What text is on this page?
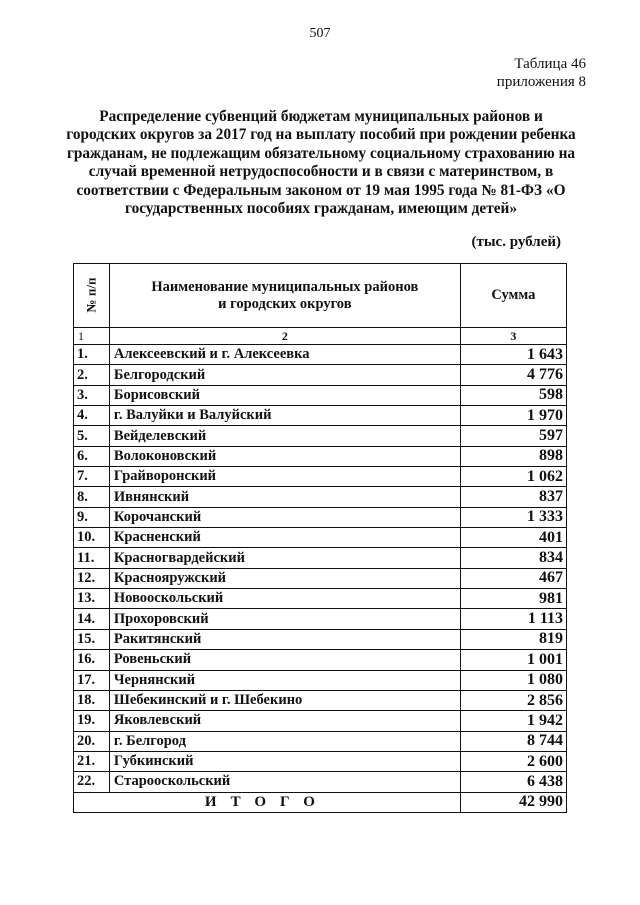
507
Таблица 46
приложения 8
Распределение субвенций бюджетам муниципальных районов и городских округов за 2017 год на выплату пособий при рождении ребенка гражданам, не подлежащим обязательному социальному страхованию на случай временной нетрудоспособности и в связи с материнством, в соответствии с Федеральным законом от 19 мая 1995 года № 81-ФЗ «О государственных пособиях гражданам, имеющим детей»
(тыс. рублей)
№ п/п	Наименование муниципальных районов и городских округов	Сумма
1	2	3
1.	Алексеевский и г. Алексеевка	1 643
2.	Белгородский	4 776
3.	Борисовский	598
4.	г. Валуйки и Валуйский	1 970
5.	Вейделевский	597
6.	Волоконовский	898
7.	Грайворонский	1 062
8.	Ивнянский	837
9.	Корочанский	1 333
10.	Красненский	401
11.	Красногвардейский	834
12.	Краснояружский	467
13.	Новооскольский	981
14.	Прохоровский	1 113
15.	Ракитянский	819
16.	Ровеньский	1 001
17.	Чернянский	1 080
18.	Шебекинский и г. Шебекино	2 856
19.	Яковлевский	1 942
20.	г. Белгород	8 744
21.	Губкинский	2 600
22.	Старооскольский	6 438
ИТОГО		42 990
